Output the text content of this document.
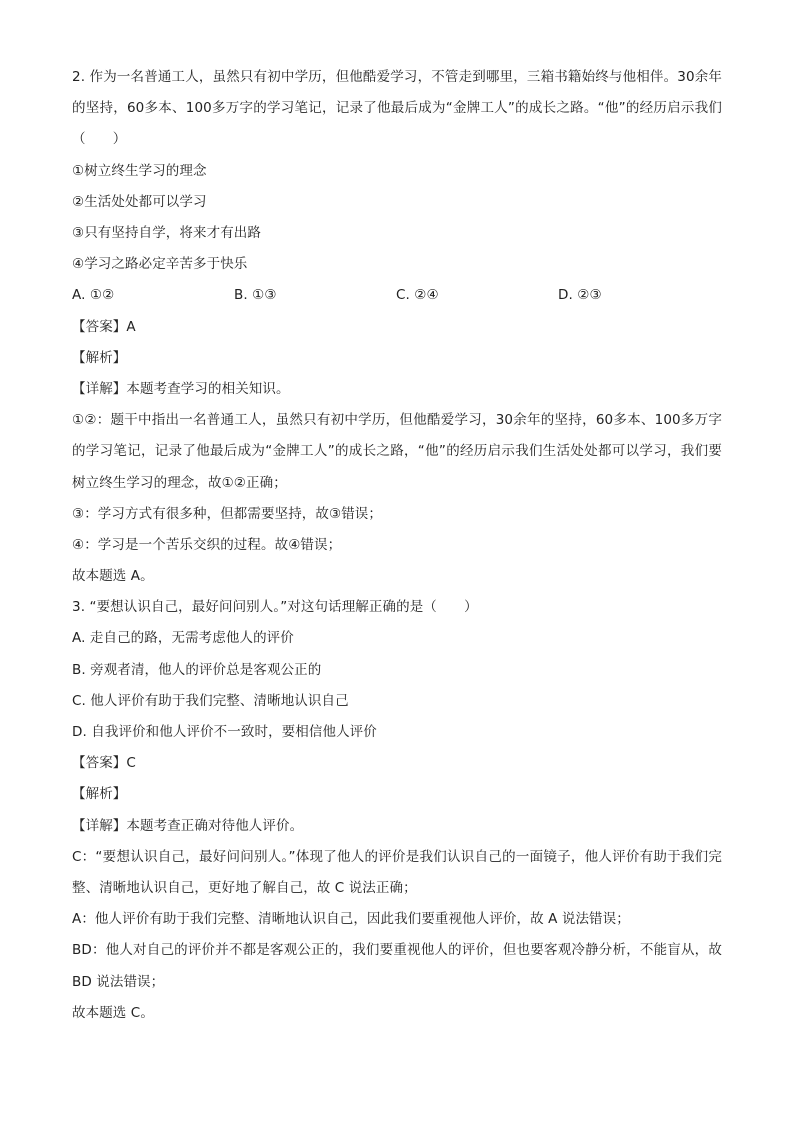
2. 作为一名普通工人，虽然只有初中学历，但他酷爱学习，不管走到哪里，三箱书籍始终与他相伴。30余年的坚持，60多本、100多万字的学习笔记，记录了他最后成为“金牌工人”的成长之路。“他”的经历启示我们（　　）
①树立终生学习的理念
②生活处处都可以学习
③只有坚持自学，将来才有出路
④学习之路必定辛苦多于快乐
A. ①②	B. ①③	C. ②④	D. ②③
【答案】A
【解析】
【详解】本题考查学习的相关知识。
①②：题干中指出一名普通工人，虽然只有初中学历，但他酷爱学习，30余年的坚持，60多本、100多万字的学习笔记，记录了他最后成为“金牌工人”的成长之路，“他”的经历启示我们生活处处都可以学习，我们要树立终生学习的理念，故①②正确；
③：学习方式有很多种，但都需要坚持，故③错误；
④：学习是一个苦乐交织的过程。故④错误；
故本题选 A。
3. “要想认识自己，最好问问别人。”对这句话理解正确的是（　　）
A. 走自己的路，无需考虑他人的评价
B. 旁观者清，他人的评价总是客观公正的
C. 他人评价有助于我们完整、清晰地认识自己
D. 自我评价和他人评价不一致时，要相信他人评价
【答案】C
【解析】
【详解】本题考查正确对待他人评价。
C：“要想认识自己，最好问问别人。”体现了他人的评价是我们认识自己的一面镜子，他人评价有助于我们完整、清晰地认识自己，更好地了解自己，故 C 说法正确；
A：他人评价有助于我们完整、清晰地认识自己，因此我们要重视他人评价，故 A 说法错误；
BD：他人对自己的评价并不都是客观公正的，我们要重视他人的评价，但也要客观冷静分析，不能盲从，故 BD 说法错误；
故本题选 C。
